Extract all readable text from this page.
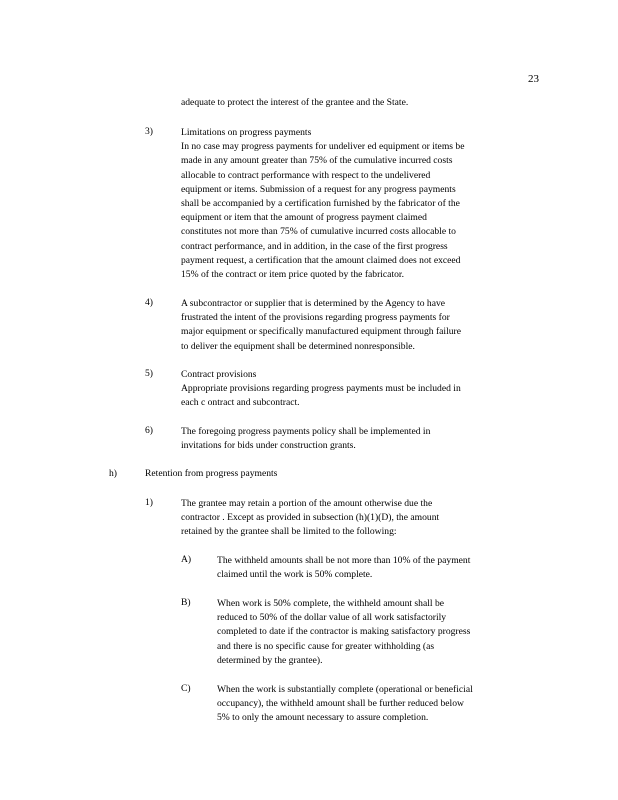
23
adequate to protect the interest of the grantee and the State.
3)	Limitations on progress payments
In no case may progress payments for undeliver ed equipment or items be
made in any amount greater than 75% of the cumulative incurred costs
allocable to contract performance with respect to the undelivered
equipment or items. Submission of a request for any progress payments
shall be accompanied by a certification furnished by the fabricator of the
equipment or item that the amount of progress payment claimed
constitutes not more than 75% of cumulative incurred costs allocable to
contract performance, and in addition, in the case of the first progress
payment request, a certification that the amount claimed does not exceed
15% of the contract or item price quoted by the fabricator.
4)	A subcontractor or supplier that is determined by the Agency to have
frustrated the intent of the provisions regarding progress payments for
major equipment or specifically manufactured equipment through failure
to deliver the equipment shall be determined nonresponsible.
5)	Contract provisions
Appropriate provisions regarding progress payments must be included in
each c ontract and subcontract.
6)	The foregoing progress payments policy shall be implemented in
invitations for bids under construction grants.
h)	Retention from progress payments
1)	The grantee may retain a portion of the amount otherwise due the
contractor . Except as provided in subsection (h)(1)(D), the amount
retained by the grantee shall be limited to the following:
A)	The withheld amounts shall be not more than 10% of the payment
claimed until the work is 50% complete.
B)	When work is 50% complete, the withheld amount shall be
reduced to 50% of the dollar value of all work satisfactorily
completed to date if the contractor is making satisfactory progress
and there is no specific cause for greater withholding (as
determined by the grantee).
C)	When the work is substantially complete (operational or beneficial
occupancy), the withheld amount shall be further reduced below
5% to only the amount necessary to assure completion.
